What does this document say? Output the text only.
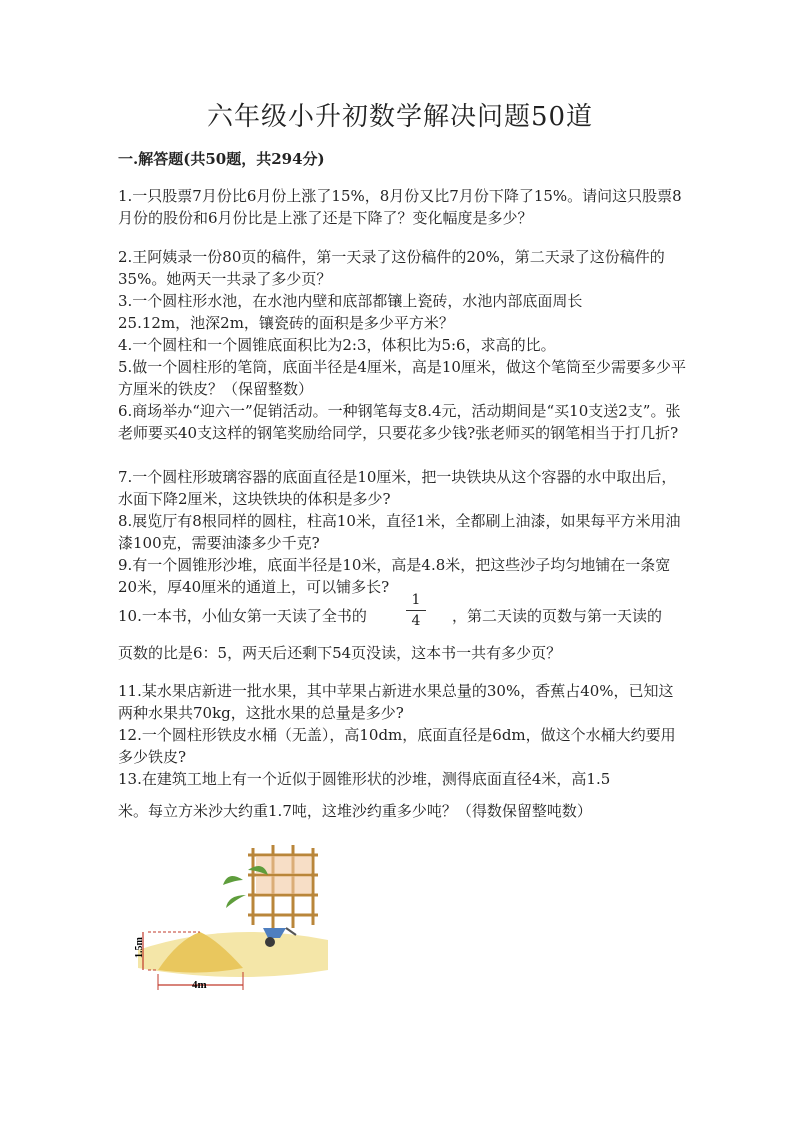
六年级小升初数学解决问题50道
一.解答题(共50题，共294分)
1.一只股票7月份比6月份上涨了15%，8月份又比7月份下降了15%。请问这只股票8月份的股份和6月份比是上涨了还是下降了？变化幅度是多少？
2.王阿姨录一份80页的稿件，第一天录了这份稿件的20%，第二天录了这份稿件的35%。她两天一共录了多少页？
3.一个圆柱形水池，在水池内壁和底部都镶上瓷砖，水池内部底面周长
25.12m，池深2m，镶瓷砖的面积是多少平方米？
4.一个圆柱和一个圆锥底面积比为2:3，体积比为5:6，求高的比。
5.做一个圆柱形的笔筒，底面半径是4厘米，高是10厘米，做这个笔筒至少需要多少平方厘米的铁皮？（保留整数）
6.商场举办“迎六一”促销活动。一种钢笔每支8.4元，活动期间是“买10支送2支”。张老师要买40支这样的钢笔奖励给同学，只要花多少钱?张老师买的钢笔相当于打几折?
7.一个圆柱形玻璃容器的底面直径是10厘米，把一块铁块从这个容器的水中取出后，水面下降2厘米，这块铁块的体积是多少?
8.展览厅有8根同样的圆柱，柱高10米，直径1米，全都刷上油漆，如果每平方米用油漆100克，需要油漆多少千克?
9.有一个圆锥形沙堆，底面半径是10米，高是4.8米，把这些沙子均匀地铺在一条宽20米，厚40厘米的通道上，可以铺多长?
10.一本书，小仙女第一天读了全书的
1
4	，第二天读的页数与第一天读的
页数的比是6：5，两天后还剩下54页没读，这本书一共有多少页？
11.某水果店新进一批水果，其中苹果占新进水果总量的30%，香蕉占40%，已知这两种水果共70kg，这批水果的总量是多少?
12.一个圆柱形铁皮水桶（无盖），高10dm，底面直径是6dm，做这个水桶大约要用多少铁皮?
13.在建筑工地上有一个近似于圆锥形状的沙堆，测得底面直径4米，高1.5
米。每立方米沙大约重1.7吨，这堆沙约重多少吨？（得数保留整吨数）
1.5m
4m
